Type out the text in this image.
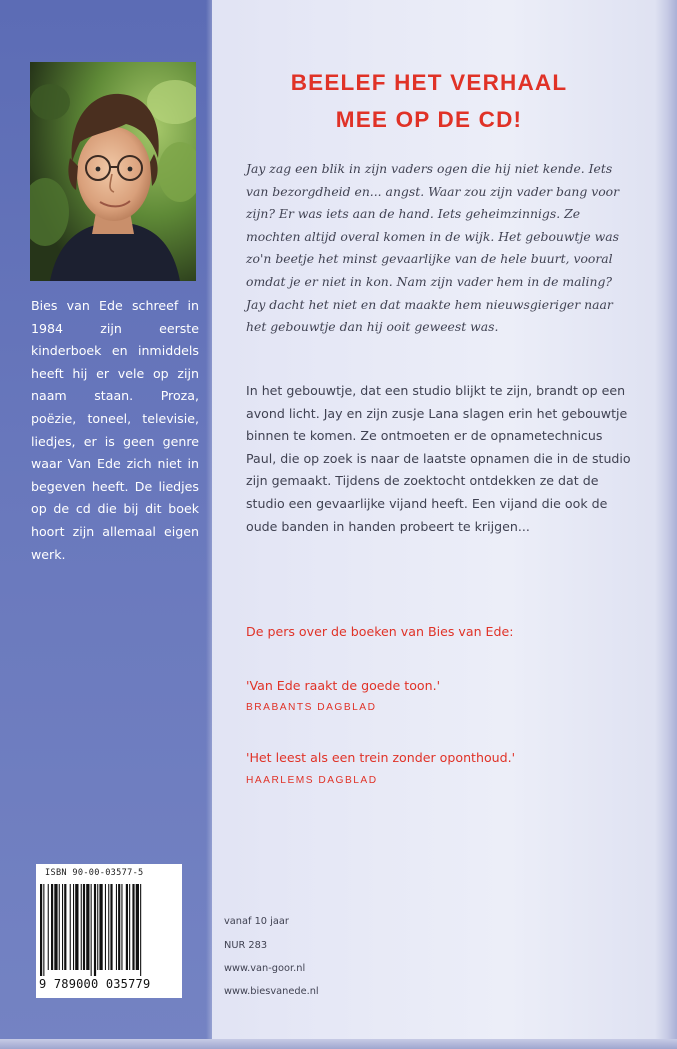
Bies van Ede schreef in 1984 zijn eerste kinderboek en inmiddels heeft hij er vele op zijn naam staan. Proza, poëzie, toneel, televisie, liedjes, er is geen genre waar Van Ede zich niet in begeven heeft. De liedjes op de cd die bij dit boek hoort zijn allemaal eigen werk.

ISBN 90-00-03577-5
9 789000 035779
BEELEF HET VERHAAL
MEE OP DE CD!

Jay zag een blik in zijn vaders ogen die hij niet kende. Iets van bezorgdheid en... angst. Waar zou zijn vader bang voor zijn? Er was iets aan de hand. Iets geheimzinnigs. Ze mochten altijd overal komen in de wijk. Het gebouwtje was zo'n beetje het minst gevaarlijke van de hele buurt, vooral omdat je er niet in kon. Nam zijn vader hem in de maling? Jay dacht het niet en dat maakte hem nieuwsgieriger naar het gebouwtje dan hij ooit geweest was.

In het gebouwtje, dat een studio blijkt te zijn, brandt op een avond licht. Jay en zijn zusje Lana slagen erin het gebouwtje binnen te komen. Ze ontmoeten er de opnametechnicus Paul, die op zoek is naar de laatste opnamen die in de studio zijn gemaakt. Tijdens de zoektocht ontdekken ze dat de studio een gevaarlijke vijand heeft. Een vijand die ook de oude banden in handen probeert te krijgen...

De pers over de boeken van Bies van Ede:

'Van Ede raakt de goede toon.'

BRABANTS DAGBLAD

'Het leest als een trein zonder oponthoud.'

HAARLEMS DAGBLAD

vanaf 10 jaar

NUR 283

www.van-goor.nl

www.biesvanede.nl
